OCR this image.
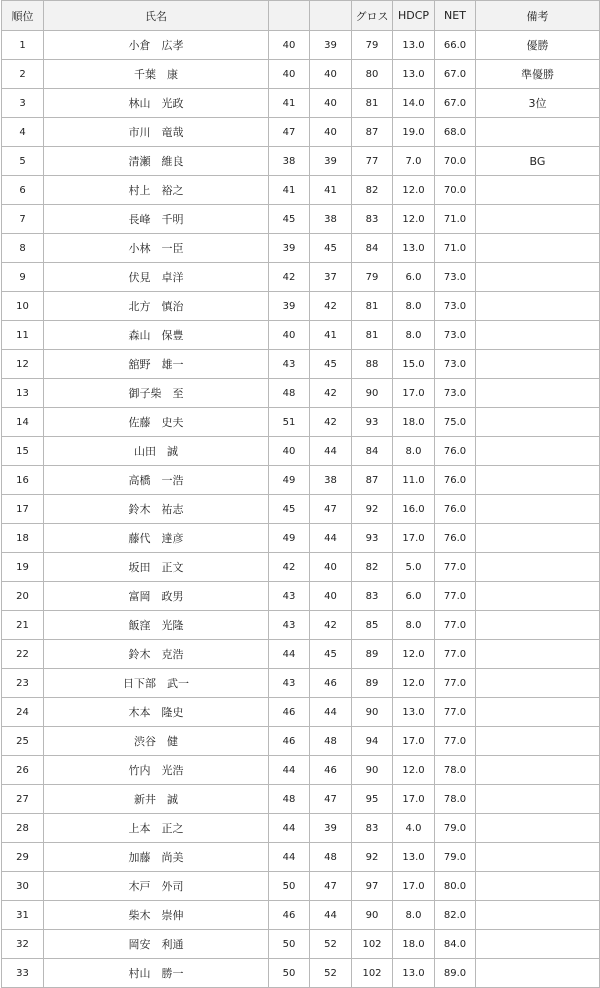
順位	氏名			グロス	HDCP	NET	備考
1	小倉　広孝	40	39	79	13.0	66.0	優勝
2	千葉　康	40	40	80	13.0	67.0	準優勝
3	林山　光政	41	40	81	14.0	67.0	3位
4	市川　竜哉	47	40	87	19.0	68.0	
5	清瀬　維良	38	39	77	7.0	70.0	BG
6	村上　裕之	41	41	82	12.0	70.0	
7	長峰　千明	45	38	83	12.0	71.0	
8	小林　一臣	39	45	84	13.0	71.0	
9	伏見　卓洋	42	37	79	6.0	73.0	
10	北方　慎治	39	42	81	8.0	73.0	
11	森山　保豊	40	41	81	8.0	73.0	
12	舘野　雄一	43	45	88	15.0	73.0	
13	御子柴　至	48	42	90	17.0	73.0	
14	佐藤　史夫	51	42	93	18.0	75.0	
15	山田　誠	40	44	84	8.0	76.0	
16	高橋　一浩	49	38	87	11.0	76.0	
17	鈴木　祐志	45	47	92	16.0	76.0	
18	藤代　達彦	49	44	93	17.0	76.0	
19	坂田　正文	42	40	82	5.0	77.0	
20	富岡　政男	43	40	83	6.0	77.0	
21	飯窪　光隆	43	42	85	8.0	77.0	
22	鈴木　克浩	44	45	89	12.0	77.0	
23	日下部　武一	43	46	89	12.0	77.0	
24	木本　隆史	46	44	90	13.0	77.0	
25	渋谷　健	46	48	94	17.0	77.0	
26	竹内　光浩	44	46	90	12.0	78.0	
27	新井　誠	48	47	95	17.0	78.0	
28	上本　正之	44	39	83	4.0	79.0	
29	加藤　尚美	44	48	92	13.0	79.0	
30	木戸　外司	50	47	97	17.0	80.0	
31	柴木　崇伸	46	44	90	8.0	82.0	
32	岡安　利通	50	52	102	18.0	84.0	
33	村山　勝一	50	52	102	13.0	89.0	
